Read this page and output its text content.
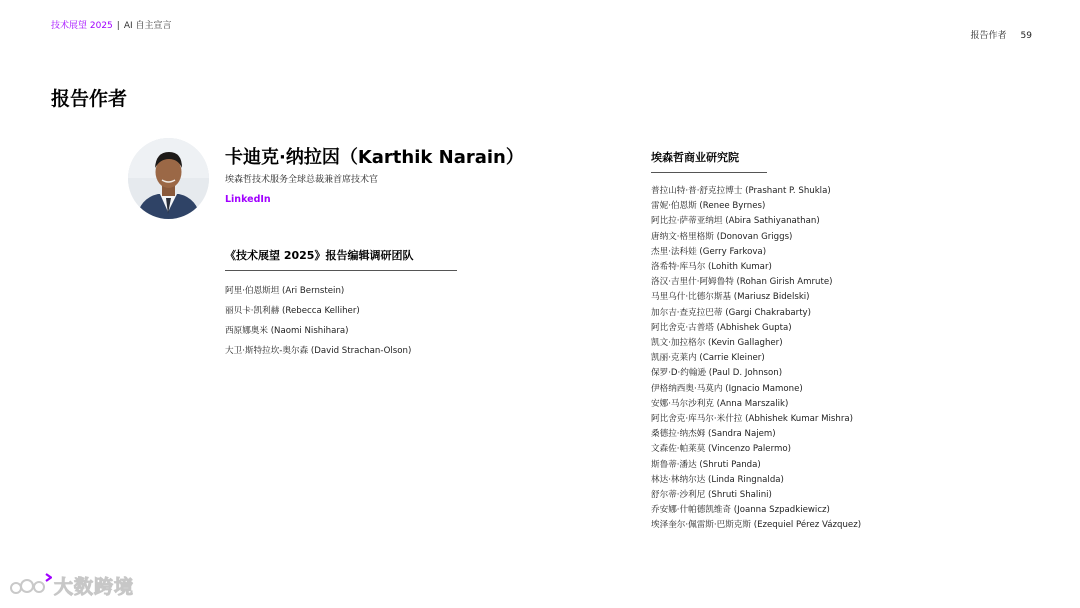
技术展望 2025 | AI 自主宣言
报告作者 59
报告作者
卡迪克·纳拉因（Karthik Narain）
埃森哲技术服务全球总裁兼首席技术官
LinkedIn
《技术展望 2025》报告编辑调研团队
阿里·伯恩斯坦 (Ari Bernstein)
丽贝卡·凯利赫 (Rebecca Kelliher)
西原娜奥米 (Naomi Nishihara)
大卫·斯特拉坎-奥尔森 (David Strachan-Olson)
埃森哲商业研究院
普拉山特·普·舒克拉博士 (Prashant P. Shukla)
雷妮·伯恩斯 (Renee Byrnes)
阿比拉·萨蒂亚纳坦 (Abira Sathiyanathan)
唐纳文·格里格斯 (Donovan Griggs)
杰里·法科娃 (Gerry Farkova)
洛希特·库马尔 (Lohith Kumar)
洛汉·吉里什·阿姆鲁特 (Rohan Girish Amrute)
马里乌什·比德尔斯基 (Mariusz Bidelski)
加尔吉·查克拉巴蒂 (Gargi Chakrabarty)
阿比舍克·古普塔 (Abhishek Gupta)
凯文·加拉格尔 (Kevin Gallagher)
凯丽·克莱内 (Carrie Kleiner)
保罗·D·约翰逊 (Paul D. Johnson)
伊格纳西奥·马莫内 (Ignacio Mamone)
安娜·马尔沙利克 (Anna Marszalik)
阿比舍克·库马尔·米什拉 (Abhishek Kumar Mishra)
桑德拉·纳杰姆 (Sandra Najem)
文森佐·帕莱莫 (Vincenzo Palermo)
斯鲁蒂·潘达 (Shruti Panda)
林达·林纳尔达 (Linda Ringnalda)
舒尔蒂·沙利尼 (Shruti Shalini)
乔安娜·什帕德凯维奇 (Joanna Szpadkiewicz)
埃泽奎尔·佩雷斯·巴斯克斯 (Ezequiel Pérez Vázquez)
大数跨境
